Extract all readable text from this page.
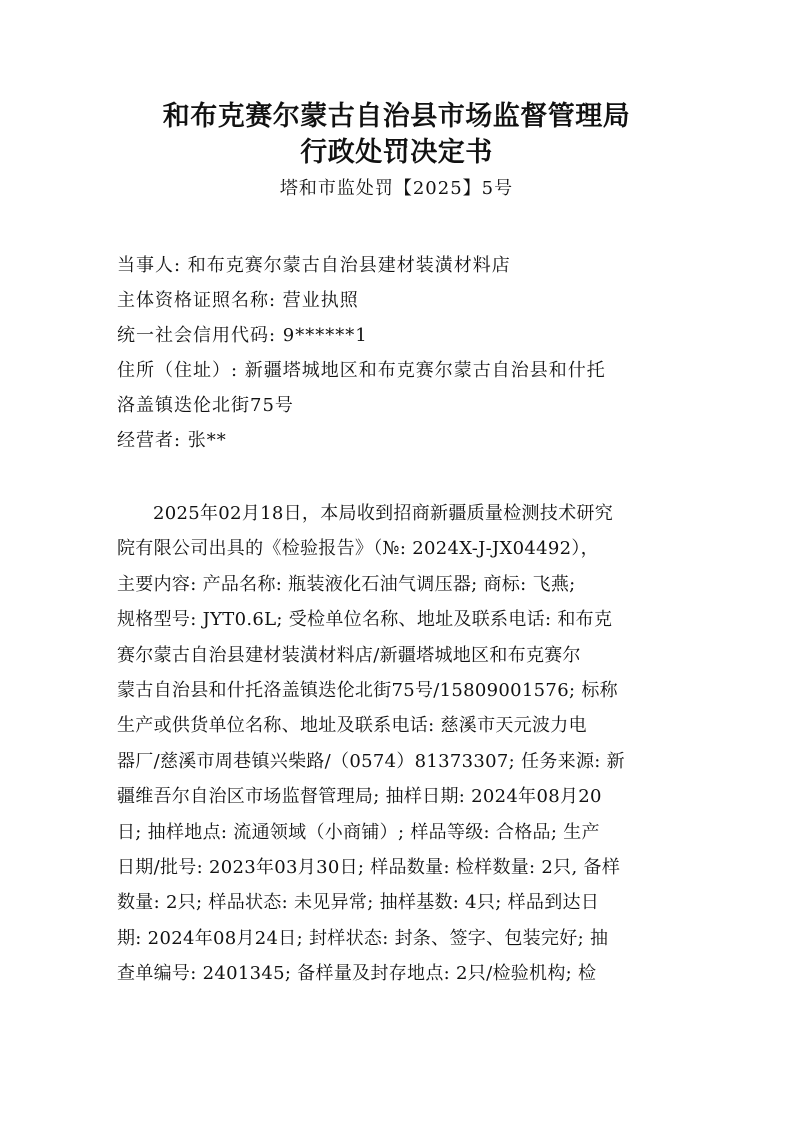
和布克赛尔蒙古自治县市场监督管理局
行政处罚决定书
塔和市监处罚【2025】5号
当事人: 和布克赛尔蒙古自治县建材装潢材料店
主体资格证照名称: 营业执照
统一社会信用代码: 9******1
住所（住址）: 新疆塔城地区和布克赛尔蒙古自治县和什托
洛盖镇迭伦北街75号
经营者: 张**
2025年02月18日，本局收到招商新疆质量检测技术研究
院有限公司出具的《检验报告》（№: 2024X-J-JX04492），
主要内容: 产品名称: 瓶装液化石油气调压器; 商标: 飞燕;
规格型号: JYT0.6L; 受检单位名称、地址及联系电话: 和布克
赛尔蒙古自治县建材装潢材料店/新疆塔城地区和布克赛尔
蒙古自治县和什托洛盖镇迭伦北街75号/15809001576; 标称
生产或供货单位名称、地址及联系电话: 慈溪市天元波力电
器厂/慈溪市周巷镇兴柴路/（0574）81373307; 任务来源: 新
疆维吾尔自治区市场监督管理局; 抽样日期: 2024年08月20
日; 抽样地点: 流通领域（小商铺）; 样品等级: 合格品; 生产
日期/批号: 2023年03月30日; 样品数量: 检样数量: 2只, 备样
数量: 2只; 样品状态: 未见异常; 抽样基数: 4只; 样品到达日
期: 2024年08月24日; 封样状态: 封条、签字、包装完好; 抽
查单编号: 2401345; 备样量及封存地点: 2只/检验机构; 检
